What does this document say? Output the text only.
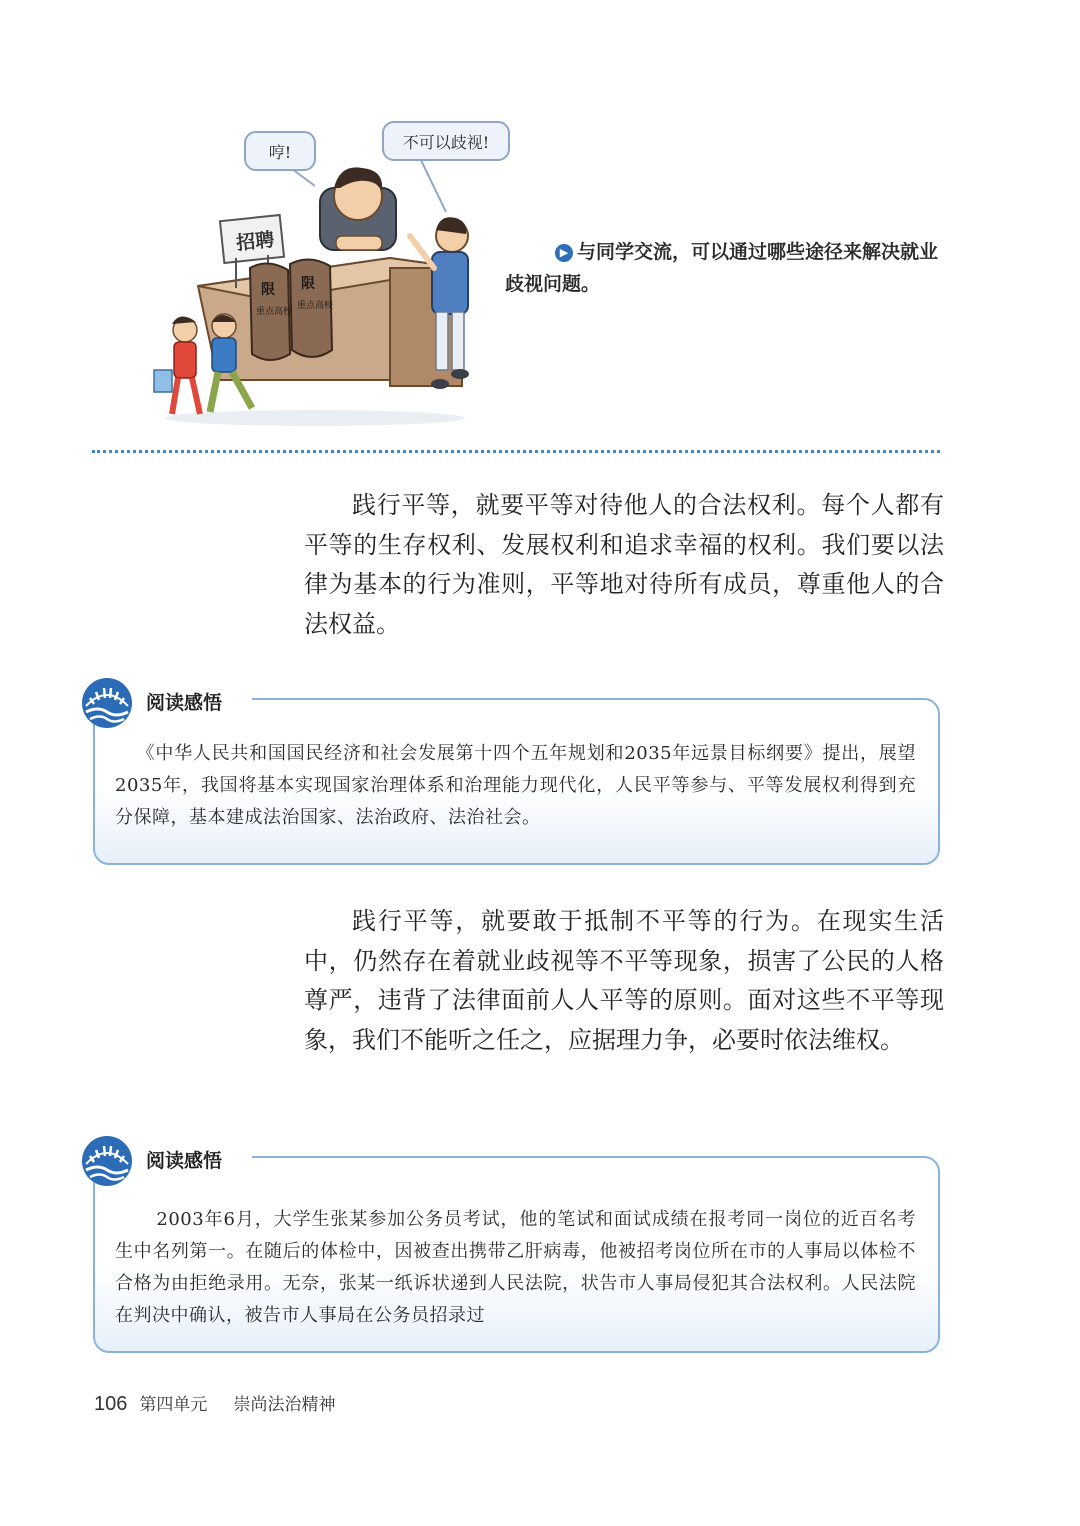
招聘
限 限
重点高校
重点高校
哼!
不可以歧视!
▶ 与同学交流，可以通过哪些途径来解决就业歧视问题。

践行平等，就要平等对待他人的合法权利。每个人都有平等的生存权利、发展权利和追求幸福的权利。我们要以法律为基本的行为准则，平等地对待所有成员，尊重他人的合法权益。

《中华人民共和国国民经济和社会发展第十四个五年规划和2035年远景目标纲要》提出，展望2035年，我国将基本实现国家治理体系和治理能力现代化，人民平等参与、平等发展权利得到充分保障，基本建成法治国家、法治政府、法治社会。
阅读感悟

践行平等，就要敢于抵制不平等的行为。在现实生活中，仍然存在着就业歧视等不平等现象，损害了公民的人格尊严，违背了法律面前人人平等的原则。面对这些不平等现象，我们不能听之任之，应据理力争，必要时依法维权。

2003年6月，大学生张某参加公务员考试，他的笔试和面试成绩在报考同一岗位的近百名考生中名列第一。在随后的体检中，因被查出携带乙肝病毒，他被招考岗位所在市的人事局以体检不合格为由拒绝录用。无奈，张某一纸诉状递到人民法院，状告市人事局侵犯其合法权利。人民法院在判决中确认，被告市人事局在公务员招录过
阅读感悟
106 第四单元 崇尚法治精神
